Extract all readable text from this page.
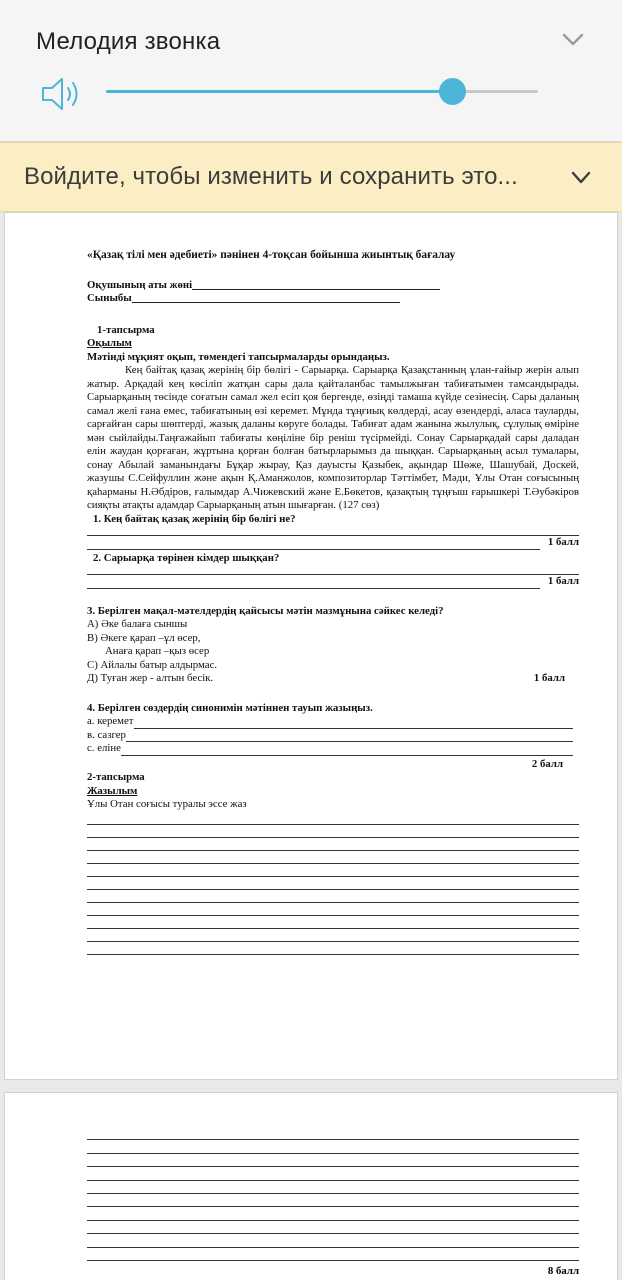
Мелодия звонка
Войдите, чтобы изменить и сохранить это...
«Қазақ тілі мен әдебиеті» пәнінен 4-тоқсан бойынша жиынтық бағалау
Оқушының аты жөні
Сыныбы
1-тапсырма
Оқылым
Мәтінді мұқият оқып, төмендегі тапсырмаларды орындаңыз.
Кең байтақ қазақ жерінің бір бөлігі - Сарыарқа. Сарыарқа Қазақстанның ұлан-ғайыр жерін алып жатыр. Арқадай кең көсіліп жатқан сары дала қайталанбас тамылжыған табиғатымен тамсандырады. Сарыарқаның төсінде соғатын самал жел есіп қоя бергенде, өзіңді тамаша күйде сезінесің. Сары даланың самал желі ғана емес, табиғатының өзі керемет. Мұнда тұңғиық көлдерді, асау өзендерді, аласа тауларды, сарғайған сары шөптерді, жазық даланы көруге болады. Табиғат адам жанына жылулық, сұлулық өміріне мән сыйлайды.Таңғажайып табиғаты көңіліне бір реніш түсірмейді. Сонау Сарыарқадай сары даладан елін жаудан қорғаған, жұртына қорған болған батырларымыз да шыққан. Сарыарқаның асыл тумалары, сонау Абылай заманындағы Бұқар жырау, Қаз дауысты Қазыбек, ақындар Шөже, Шашубай, Доскей, жазушы С.Сейфуллин және ақын Қ.Аманжолов, композиторлар Тәттімбет, Мәди, Ұлы Отан соғысының қаһарманы Н.Әбдіров, ғалымдар А.Чижевский және Е.Бөкетов, қазақтың тұңғыш ғарышкері Т.Әубәкіров сияқты атақты адамдар Сарыарқаның атын шығарған. (127 сөз)
1. Кең байтақ қазақ жерінің бір бөлігі не?
1 балл
2. Сарыарқа төрінен кімдер шыққан?
1 балл
3. Берілген мақал-мәтелдердің қайсысы мәтін мазмұнына сәйкес келеді?
А) Әке балаға сыншы
В) Әкеге қарап –ұл өсер,
Анаға қарап –қыз өсер
С) Айлалы батыр алдырмас.
Д) Туған жер - алтын бесік.	1 балл
4. Берілген сөздердің синонимін мәтіннен тауып жазыңыз.
а. керемет
в. сазгер
с. еліне
2 балл
2-тапсырма
Жазылым
Ұлы Отан соғысы туралы эссе жаз
8 балл
